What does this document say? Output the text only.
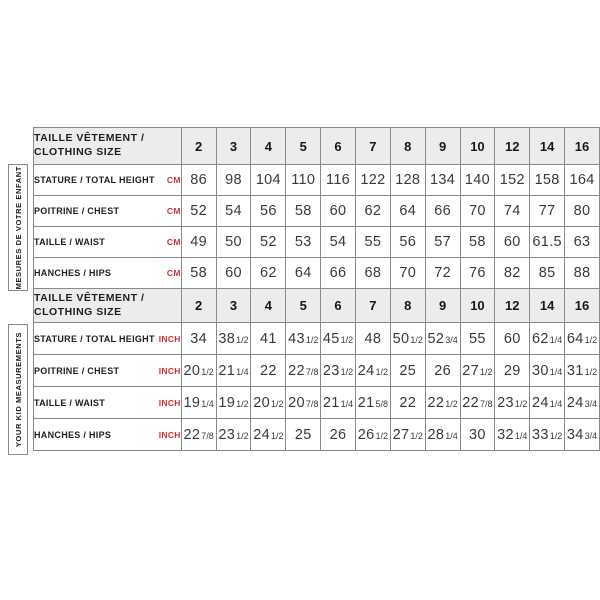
MESURES DE VOTRE ENFANT
YOUR KID MEASUREMENTS
TAILLE VÊTEMENT /
CLOTHING SIZE	2	3	4	5	6	7	8	9	10	12	14	16

STATURE / TOTAL HEIGHT CM	86	98	104	110	116	122	128	134	140	152	158	164

POITRINE / CHEST CM	52	54	56	58	60	62	64	66	70	74	77	80

TAILLE / WAIST CM	49	50	52	53	54	55	56	57	58	60	61.5	63

HANCHES / HIPS CM	58	60	62	64	66	68	70	72	76	82	85	88

TAILLE VÊTEMENT /
CLOTHING SIZE	2	3	4	5	6	7	8	9	10	12	14	16

STATURE / TOTAL HEIGHT INCH	34	381/2	41	431/2	451/2	48	501/2	523/4	55	60	621/4	641/2

POITRINE / CHEST INCH	201/2	211/4	22	227/8	231/2	241/2	25	26	271/2	29	301/4	311/2

TAILLE / WAIST INCH	191/4	191/2	201/2	207/8	211/4	215/8	22	221/2	227/8	231/2	241/4	243/4

HANCHES / HIPS INCH	227/8	231/2	241/2	25	26	261/2	271/2	281/4	30	321/4	331/2	343/4
